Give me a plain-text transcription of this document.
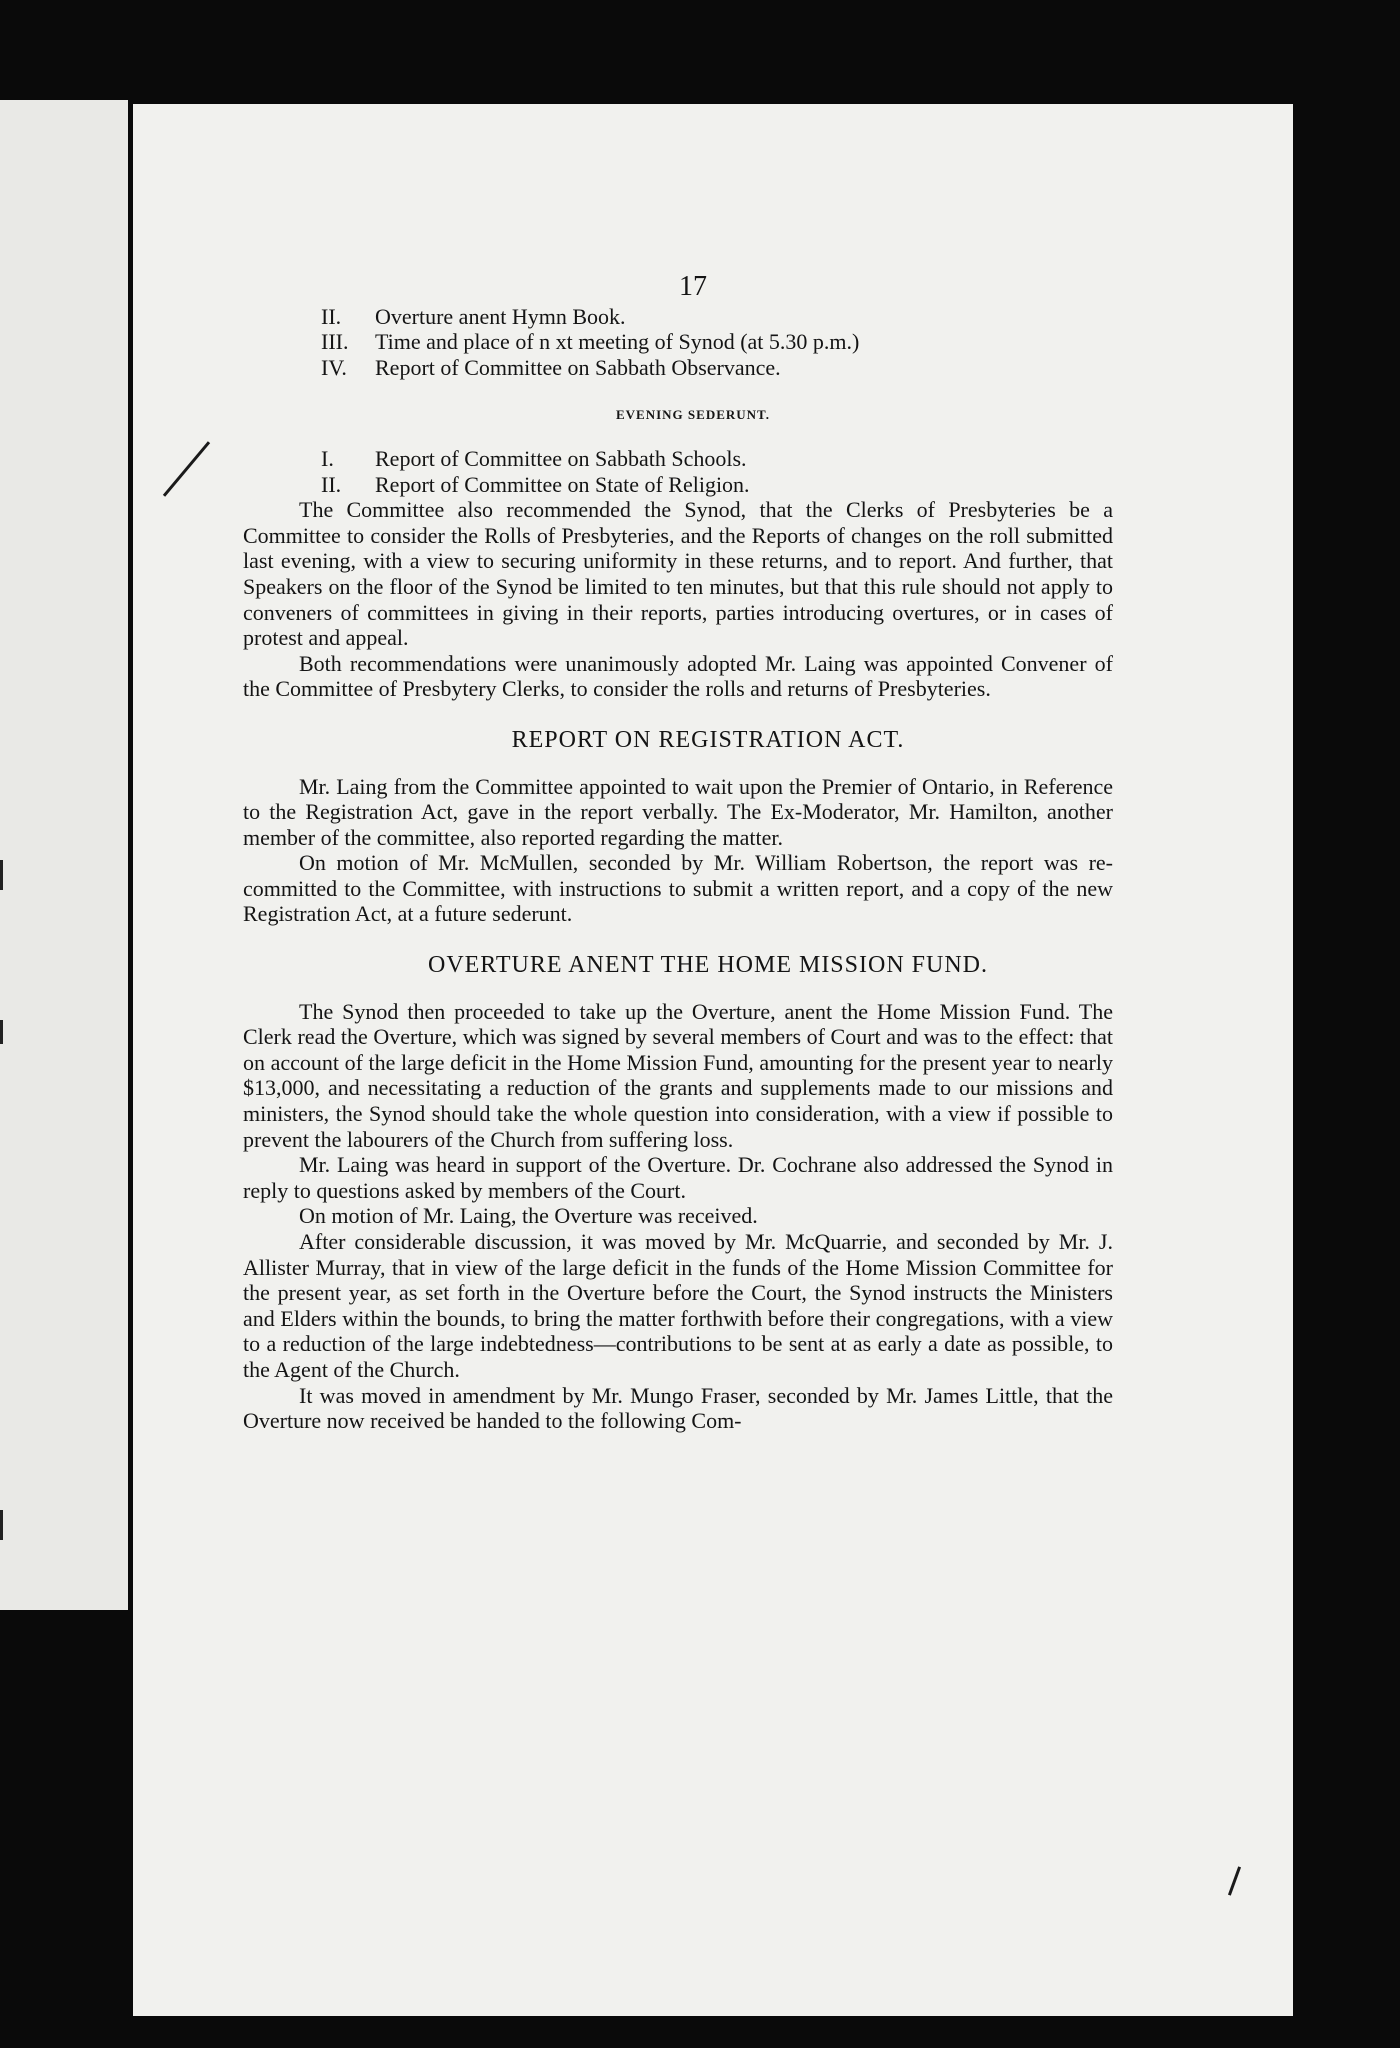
17
II.	Overture anent Hymn Book.
III.	Time and place of n xt meeting of Synod (at 5.30 p.m.)
IV.	Report of Committee on Sabbath Observance.
EVENING SEDERUNT.
I.	Report of Committee on Sabbath Schools.
II.	Report of Committee on State of Religion.

The Committee also recommended the Synod, that the Clerks of Presbyteries be a Committee to consider the Rolls of Presbyteries, and the Reports of changes on the roll submitted last evening, with a view to securing uniformity in these returns, and to report. And further, that Speakers on the floor of the Synod be limited to ten minutes, but that this rule should not apply to conveners of committees in giving in their reports, parties introducing overtures, or in cases of protest and appeal.

Both recommendations were unanimously adopted Mr. Laing was appointed Convener of the Committee of Presbytery Clerks, to consider the rolls and returns of Presbyteries.

REPORT ON REGISTRATION ACT.

Mr. Laing from the Committee appointed to wait upon the Premier of Ontario, in Reference to the Registration Act, gave in the report verbally. The Ex-Moderator, Mr. Hamilton, another member of the committee, also reported regarding the matter.

On motion of Mr. McMullen, seconded by Mr. William Robertson, the report was re-committed to the Committee, with instructions to submit a written report, and a copy of the new Registration Act, at a future sederunt.

OVERTURE ANENT THE HOME MISSION FUND.

The Synod then proceeded to take up the Overture, anent the Home Mission Fund. The Clerk read the Overture, which was signed by several members of Court and was to the effect: that on account of the large deficit in the Home Mission Fund, amounting for the present year to nearly $13,000, and necessitating a reduction of the grants and supplements made to our missions and ministers, the Synod should take the whole question into consideration, with a view if possible to prevent the labourers of the Church from suffering loss.

Mr. Laing was heard in support of the Overture. Dr. Cochrane also addressed the Synod in reply to questions asked by members of the Court.

On motion of Mr. Laing, the Overture was received.

After considerable discussion, it was moved by Mr. McQuarrie, and seconded by Mr. J. Allister Murray, that in view of the large deficit in the funds of the Home Mission Committee for the present year, as set forth in the Overture before the Court, the Synod instructs the Ministers and Elders within the bounds, to bring the matter forthwith before their congregations, with a view to a reduction of the large indebtedness—contributions to be sent at as early a date as possible, to the Agent of the Church.

It was moved in amendment by Mr. Mungo Fraser, seconded by Mr. James Little, that the Overture now received be handed to the following Com-
